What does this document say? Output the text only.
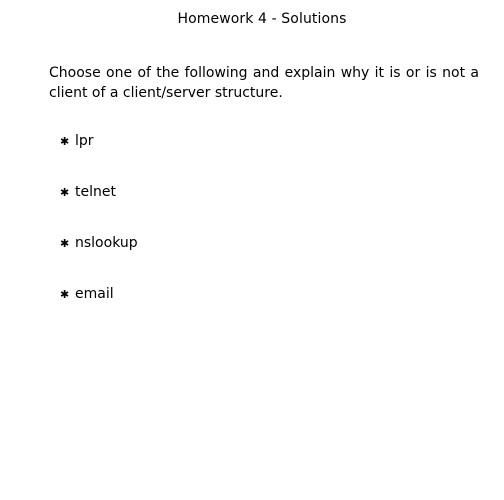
Homework 4 - Solutions
Choose one of the following and explain why it is or is not a client of a client/server structure.
✱ lpr
✱ telnet
✱ nslookup
✱ email
